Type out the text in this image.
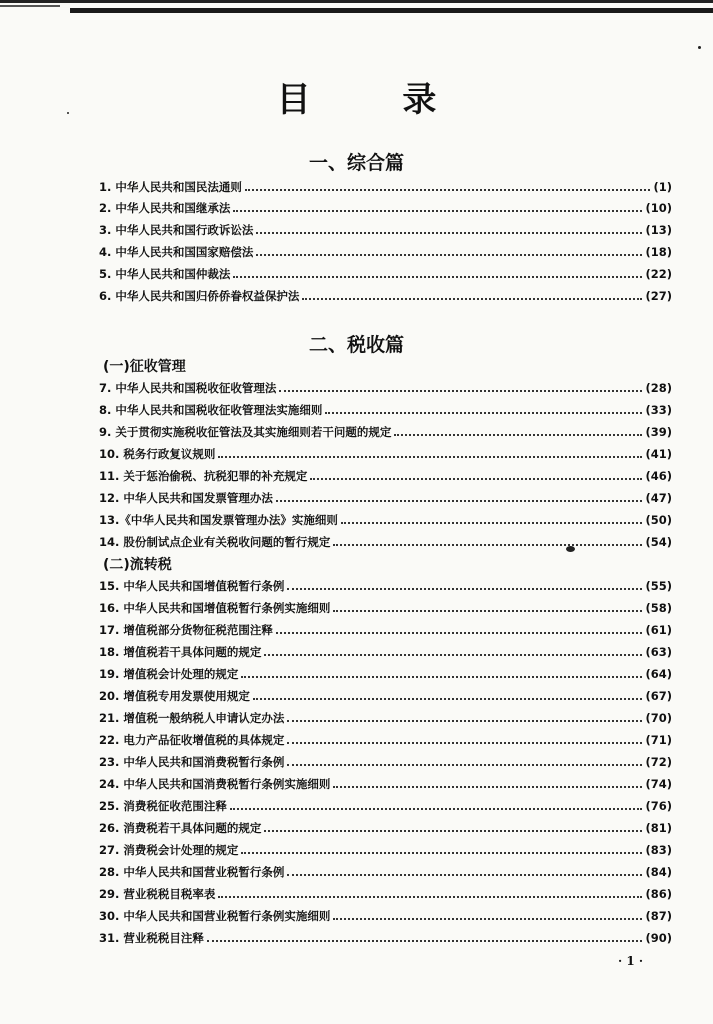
目 录
一、综合篇
1. 中华人民共和国民法通则	(1)
2. 中华人民共和国继承法	(10)
3. 中华人民共和国行政诉讼法	(13)
4. 中华人民共和国国家赔偿法	(18)
5. 中华人民共和国仲裁法	(22)
6. 中华人民共和国归侨侨眷权益保护法	(27)
二、税收篇
(一)征收管理
7. 中华人民共和国税收征收管理法	(28)
8. 中华人民共和国税收征收管理法实施细则	(33)
9. 关于贯彻实施税收征管法及其实施细则若干问题的规定	(39)
10. 税务行政复议规则	(41)
11. 关于惩治偷税、抗税犯罪的补充规定	(46)
12. 中华人民共和国发票管理办法	(47)
13.《中华人民共和国发票管理办法》实施细则	(50)
14. 股份制试点企业有关税收问题的暂行规定	(54)
(二)流转税
15. 中华人民共和国增值税暂行条例	(55)
16. 中华人民共和国增值税暂行条例实施细则	(58)
17. 增值税部分货物征税范围注释	(61)
18. 增值税若干具体问题的规定	(63)
19. 增值税会计处理的规定	(64)
20. 增值税专用发票使用规定	(67)
21. 增值税一般纳税人申请认定办法	(70)
22. 电力产品征收增值税的具体规定	(71)
23. 中华人民共和国消费税暂行条例	(72)
24. 中华人民共和国消费税暂行条例实施细则	(74)
25. 消费税征收范围注释	(76)
26. 消费税若干具体问题的规定	(81)
27. 消费税会计处理的规定	(83)
28. 中华人民共和国营业税暂行条例	(84)
29. 营业税税目税率表	(86)
30. 中华人民共和国营业税暂行条例实施细则	(87)
31. 营业税税目注释	(90)
· 1 ·
